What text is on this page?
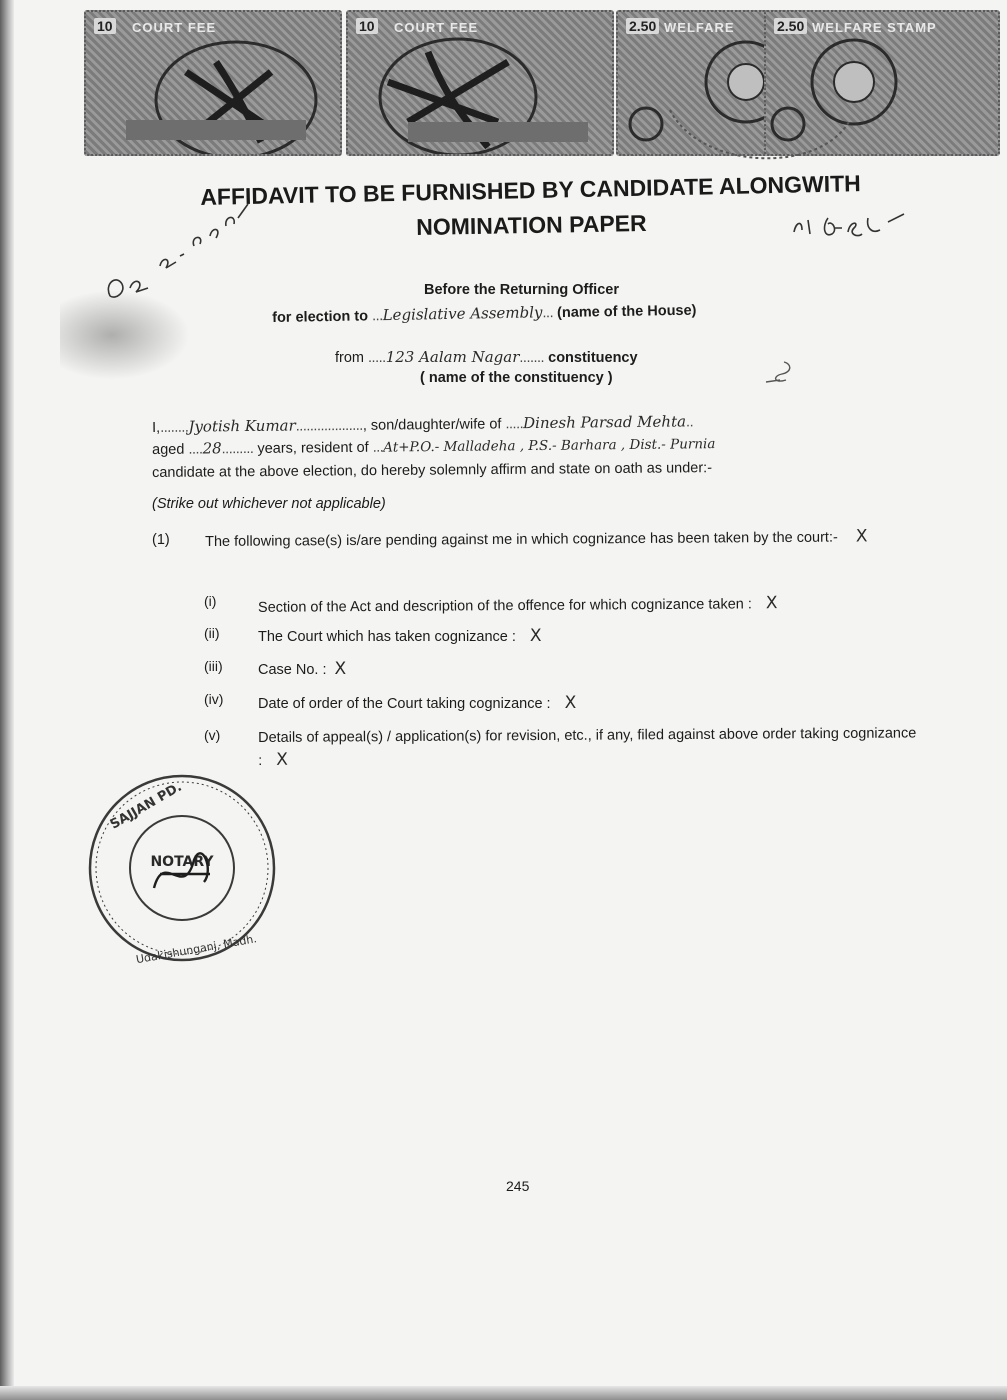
10 COURT FEE	10 COURT FEE	2.50 WELFARE	2.50 WELFARE STAMP
AFFIDAVIT TO BE FURNISHED BY CANDIDATE ALONGWITH
NOMINATION PAPER
Before the Returning Officer
for election to ...Legislative Assembly... (name of the House)
from .....123 Aalam Nagar....... constituency
( name of the constituency )
I,........Jyotish Kumar..................., son/daughter/wife of .....Dinesh Parsad Mehta..
aged ....28......... years, resident of ...At+P.O.- Malladeha , P.S.- Barhara , Dist.- Purnia
candidate at the above election, do hereby solemnly affirm and state on oath as under:-
(Strike out whichever not applicable)
(1) The following case(s) is/are pending against me in which cognizance has been taken by the court:- X
(i)	Section of the Act and description of the offence for which cognizance taken : X
(ii)	The Court which has taken cognizance : X
(iii) Case No. : X
(iv) Date of order of the Court taking cognizance : X
(v)	Details of appeal(s) / application(s) for revision, etc., if any, filed against above order taking cognizance : X
SAJJAN PD.
Udakishunganj, Madh.
NOTARY
245
